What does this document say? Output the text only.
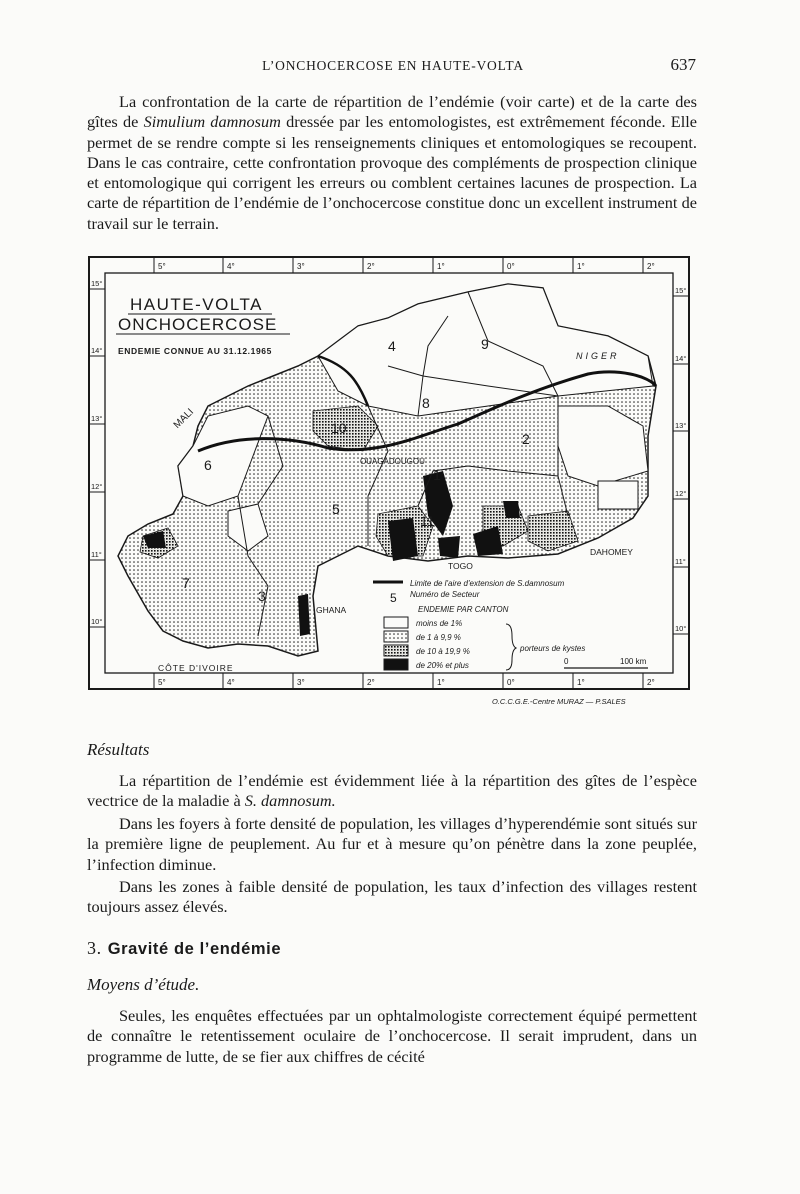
L’ONCHOCERCOSE EN HAUTE-VOLTA	637

La confrontation de la carte de répartition de l’endémie (voir carte) et de la carte des gîtes de Simulium damnosum dressée par les entomologistes, est extrêmement féconde. Elle permet de se rendre compte si les renseignements cliniques et entomologiques se recoupent. Dans le cas contraire, cette confrontation provoque des compléments de prospection clinique et entomologique qui corrigent les erreurs ou comblent certaines lacunes de prospection. La carte de répartition de l’endémie de l’onchocercose constitue donc un excellent instrument de travail sur le terrain.

5°	4°	3°	2°	1°	0°	1°	2°
5°	4°	3°	2°	1°	0°	1°	2°
15°
14°
13°
12°
11°
10°
15°
14°
13°
12°
11°
10°
HAUTE-VOLTA
ONCHOCERCOSE
ENDEMIE CONNUE AU 31.12.1965
1
2
3
4
5
6
7
8
9
10
11
MALI
NIGER
DAHOMEY
TOGO
GHANA
CÔTE D'IVOIRE
OUAGADOUGOU
Limite de l'aire d'extension de S.damnosum
5 Numéro de Secteur
ENDEMIE PAR CANTON
moins de 1%
de 1 à 9,9 %
de 10 à 19,9 %
de 20% et plus
porteurs de kystes
0	100 km
O.C.C.G.E.-Centre MURAZ — P.SALES

Résultats

La répartition de l’endémie est évidemment liée à la répartition des gîtes de l’espèce vectrice de la maladie à S. damnosum.

Dans les foyers à forte densité de population, les villages d’hyperendémie sont situés sur la première ligne de peuplement. Au fur et à mesure qu’on pénètre dans la zone peuplée, l’infection diminue.

Dans les zones à faible densité de population, les taux d’infection des villages restent toujours assez élevés.

3. Gravité de l’endémie

Moyens d’étude.

Seules, les enquêtes effectuées par un ophtalmologiste correctement équipé permettent de connaître le retentissement oculaire de l’onchocercose. Il serait imprudent, dans un programme de lutte, de se fier aux chiffres de cécité
